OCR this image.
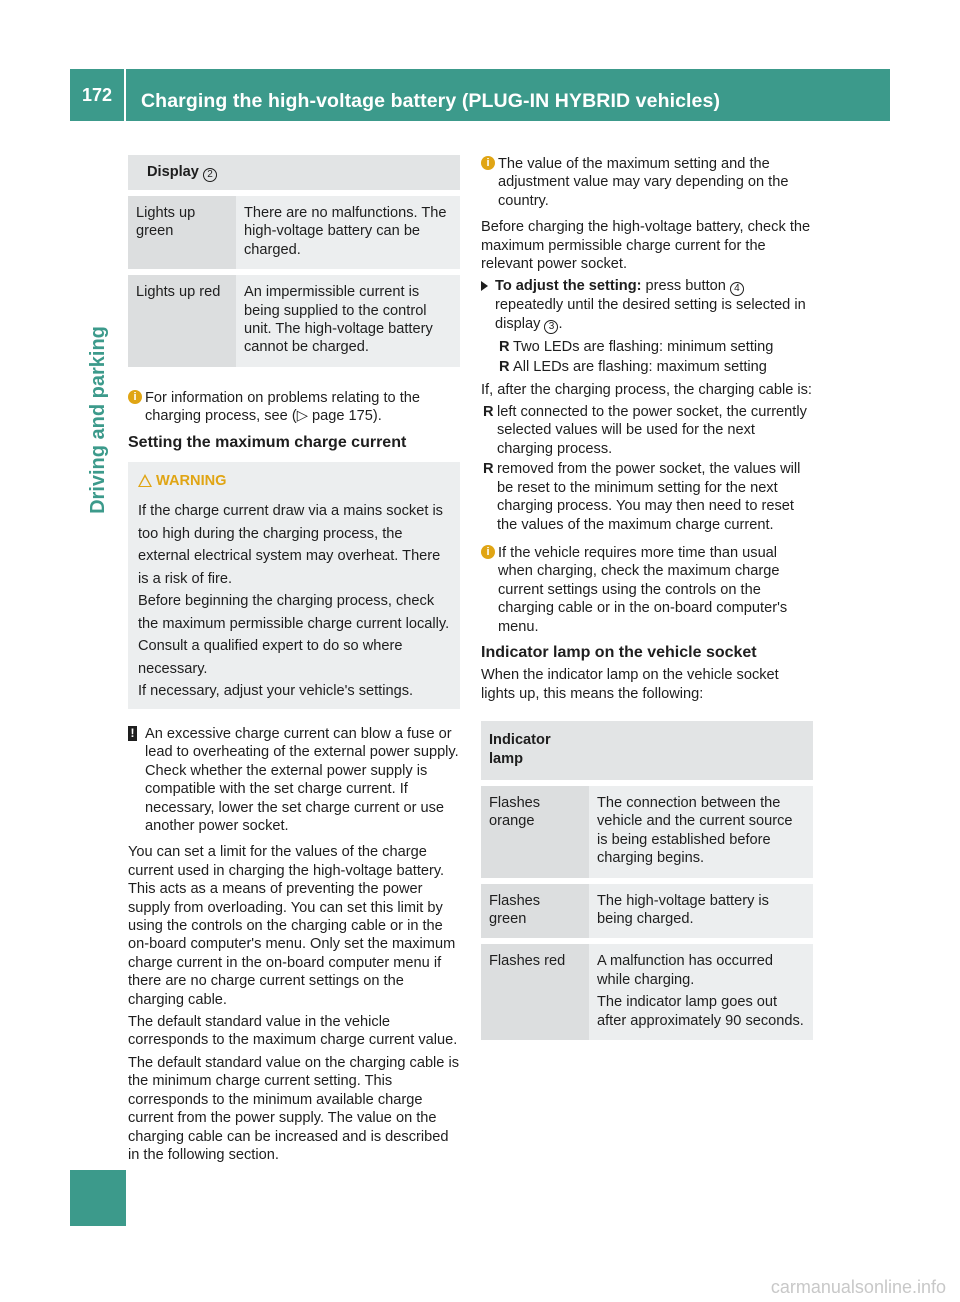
172	Charging the high-voltage battery (PLUG-IN HYBRID vehicles)
Driving and parking
Display 2	
Lights up green	There are no malfunctions. The high-voltage battery can be charged.
Lights up red	An impermissible current is being supplied to the control unit. The high-voltage battery cannot be charged.
i For information on problems relating to the charging process, see (▷ page 175).
Setting the maximum charge current
WARNING

If the charge current draw via a mains socket is too high during the charging process, the external electrical system may overheat. There is a risk of fire.

Before beginning the charging process, check the maximum permissible charge current locally. Consult a qualified expert to do so where necessary.

If necessary, adjust your vehicle's settings.

! An excessive charge current can blow a fuse or lead to overheating of the external power supply. Check whether the external power supply is compatible with the set charge current. If necessary, lower the set charge current or use another power socket.

You can set a limit for the values of the charge current used in charging the high-voltage battery. This acts as a means of preventing the power supply from overloading. You can set this limit by using the controls on the charging cable or in the on-board computer's menu. Only set the maximum charge current in the on-board computer menu if there are no charge current settings on the charging cable.

The default standard value in the vehicle corresponds to the maximum charge current value.

The default standard value on the charging cable is the minimum charge current setting. This corresponds to the minimum available charge current from the power supply. The value on the charging cable can be increased and is described in the following section.

i The value of the maximum setting and the adjustment value may vary depending on the country.

Before charging the high-voltage battery, check the maximum permissible charge current for the relevant power socket.

To adjust the setting: press button 4 repeatedly until the desired setting is selected in display 3 .
R Two LEDs are flashing: minimum setting
R All LEDs are flashing: maximum setting

If, after the charging process, the charging cable is:

R left connected to the power socket, the currently selected values will be used for the next charging process.
R removed from the power socket, the values will be reset to the minimum setting for the next charging process. You may then need to reset the values of the maximum charge current.
i If the vehicle requires more time than usual when charging, check the maximum charge current settings using the controls on the charging cable or in the on-board computer's menu.
Indicator lamp on the vehicle socket

When the indicator lamp on the vehicle socket lights up, this means the following:

Indicator lamp	
Flashes orange	The connection between the vehicle and the current source is being established before charging begins.
Flashes green	The high-voltage battery is being charged.
Flashes red	A malfunction has occurred while charging.
The indicator lamp goes out after approximately 90 seconds.
carmanualsonline.info
